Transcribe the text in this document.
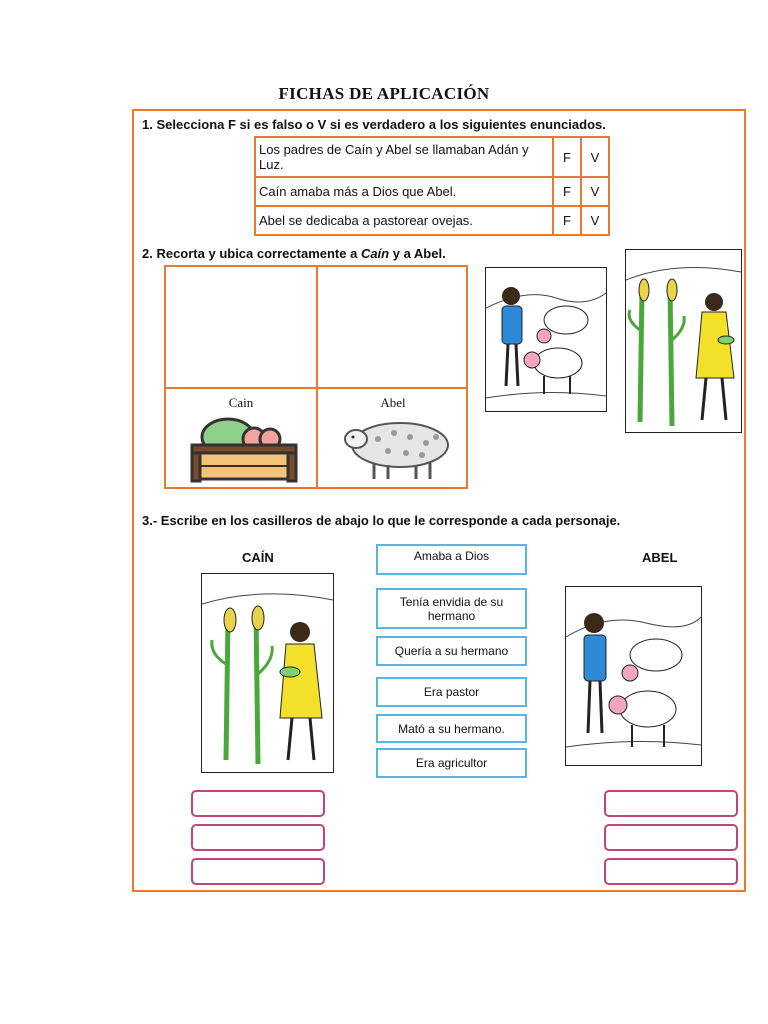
FICHAS DE APLICACIÓN
1. Selecciona F si es falso o V si es verdadero a los siguientes enunciados.
Los padres de Caín y Abel se llamaban Adán y Luz.	F	V
Caín amaba más a Dios que Abel.	F	V
Abel se dedicaba a pastorear ovejas.	F	V
2. Recorta y ubica correctamente a Caín y a Abel.
Cain	Abel
3.- Escribe en los casilleros de abajo lo que le corresponde a cada personaje.
CAÍN	ABEL
Amaba a Dios
Tenía envidia de su hermano
Quería a su hermano
Era pastor
Mató a su hermano.
Era agricultor
